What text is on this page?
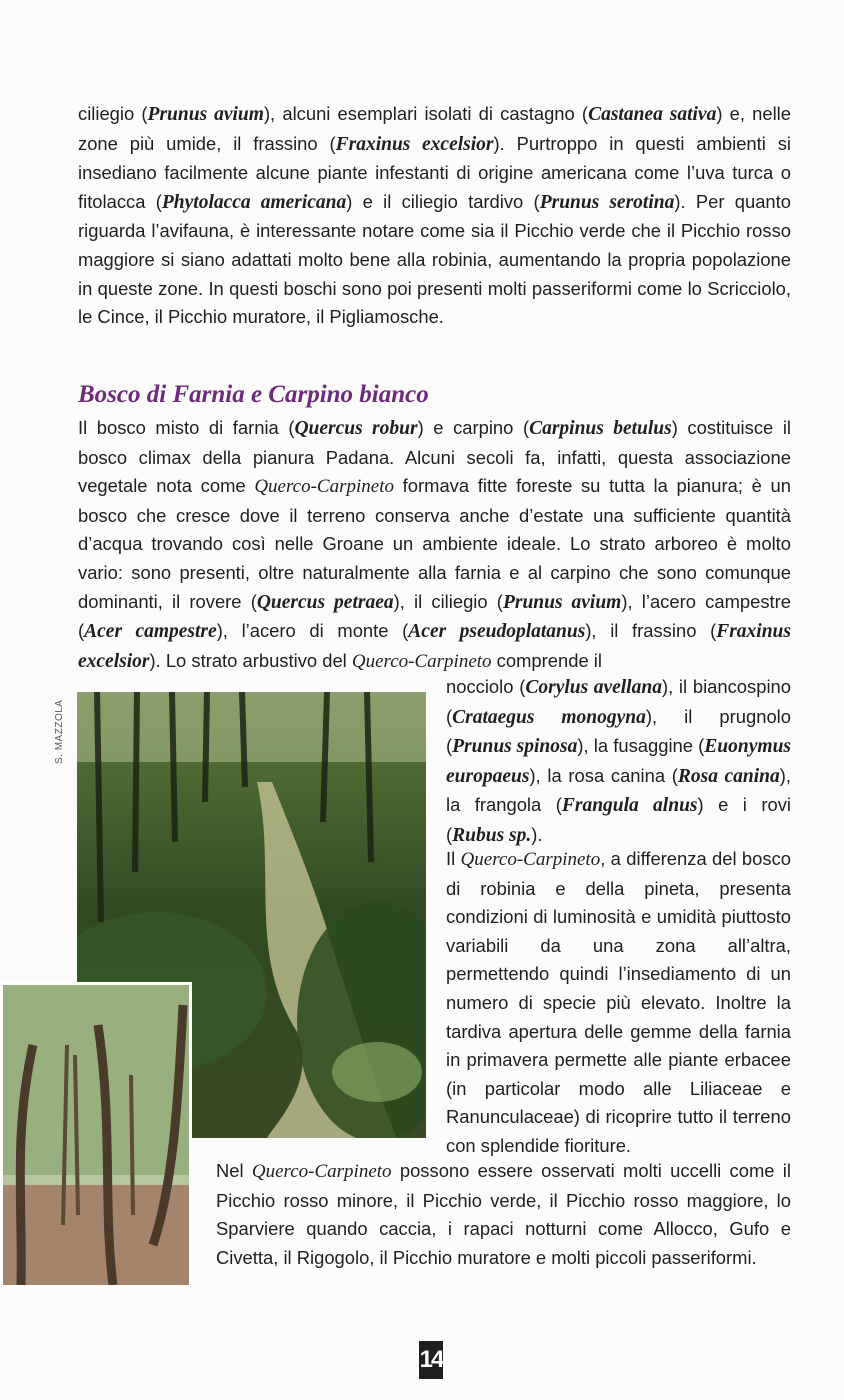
ciliegio (Prunus avium), alcuni esemplari isolati di castagno (Castanea sativa) e, nelle zone più umide, il frassino (Fraxinus excelsior). Purtroppo in questi ambienti si insediano facilmente alcune piante infestanti di origine americana come l’uva turca o fitolacca (Phytolacca americana) e il ciliegio tardivo (Prunus serotina). Per quanto riguarda l’avifauna, è interessante notare come sia il Picchio verde che il Picchio rosso maggiore si siano adattati molto bene alla robinia, aumentando la propria popolazione in queste zone. In questi boschi sono poi presenti molti passeriformi come lo Scricciolo, le Cince, il Picchio muratore, il Pigliamosche.

Bosco di Farnia e Carpino bianco

Il bosco misto di farnia (Quercus robur) e carpino (Carpinus betulus) costituisce il bosco climax della pianura Padana. Alcuni secoli fa, infatti, questa associazione vegetale nota come Querco-Carpineto formava fitte foreste su tutta la pianura; è un bosco che cresce dove il terreno conserva anche d’estate una sufficiente quantità d’acqua trovando così nelle Groane un ambiente ideale. Lo strato arboreo è molto vario: sono presenti, oltre naturalmente alla farnia e al carpino che sono comunque dominanti, il rovere (Quercus petraea), il ciliegio (Prunus avium), l’acero campestre (Acer campestre), l’acero di monte (Acer pseudoplatanus), il frassino (Fraxinus excelsior). Lo strato arbustivo del Querco-Carpineto comprende il

S. MAZZOLA

nocciolo (Corylus avellana), il biancospino (Crataegus monogyna), il prugnolo (Prunus spinosa), la fusaggine (Euonymus europaeus), la rosa canina (Rosa canina), la frangola (Frangula alnus) e i rovi (Rubus sp.).

Il Querco-Carpineto, a differenza del bosco di robinia e della pineta, presenta condizioni di luminosità e umidità piuttosto variabili da una zona all’altra, permettendo quindi l’insediamento di un numero di specie più elevato. Inoltre la tardiva apertura delle gemme della farnia in primavera permette alle piante erbacee (in particolar modo alle Liliaceae e Ranunculaceae) di ricoprire tutto il terreno con splendide fioriture.

Nel Querco-Carpineto possono essere osservati molti uccelli come il Picchio rosso minore, il Picchio verde, il Picchio rosso maggiore, lo Sparviere quando caccia, i rapaci notturni come Allocco, Gufo e Civetta, il Rigogolo, il Picchio muratore e molti piccoli passeriformi.

14
